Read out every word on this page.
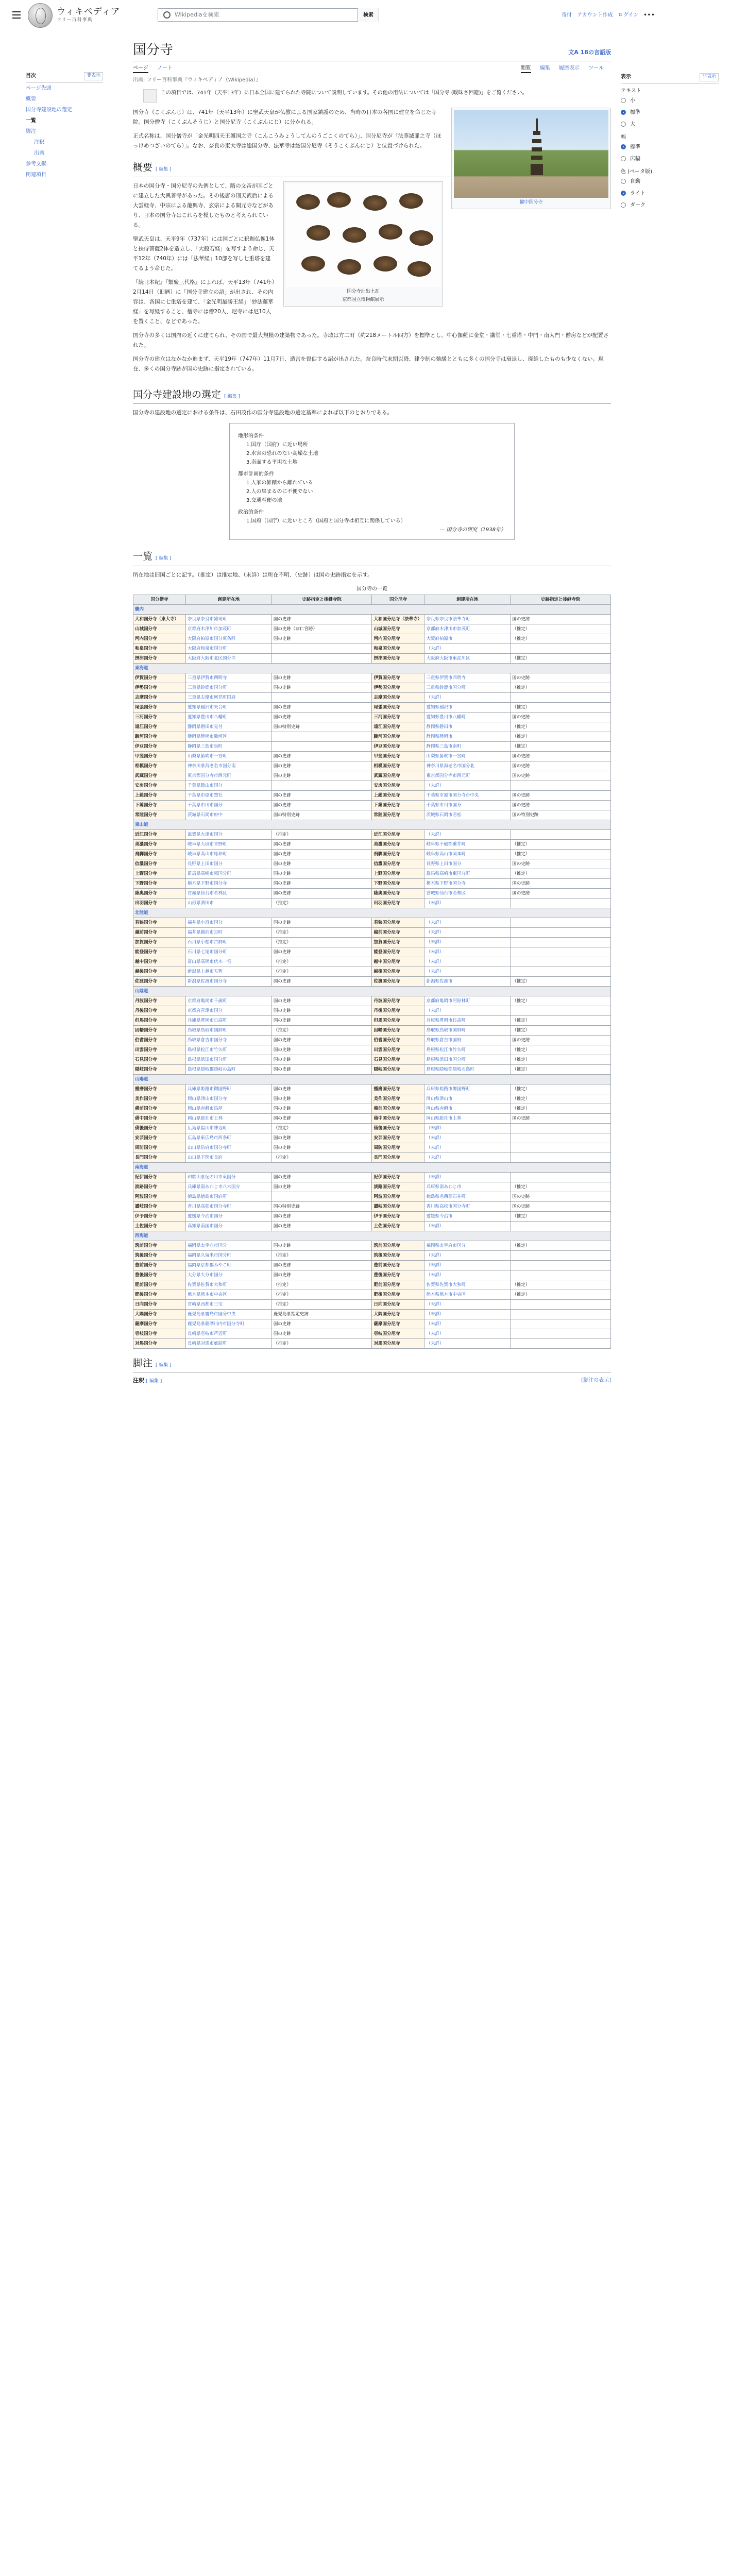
ウィキペディア
フリー百科事典
Wikipediaを検索	検索	寄付 アカウント作成 ログイン •••
目次	非表示
ページ先頭
概要
国分寺建設地の選定
一覧
脚注
注釈
出典
参考文献
関連項目
表示	非表示
テキスト
小
標準
大
幅
標準
広幅
色 (ベータ版)
自動
ライト
ダーク
国分寺	文A 18の言語版
ページ ノート	閲覧 編集 履歴表示 ツール
出典: フリー百科事典『ウィキペディア（Wikipedia）』
この項目では、741年（天平13年）に日本全国に建てられた寺院について説明しています。その他の用法については「国分寺 (曖昧さ回避)」をご覧ください。
備中国分寺

国分寺（こくぶんじ）は、741年（天平13年）に聖武天皇が仏教による国家鎮護のため、当時の日本の各国に建立を命じた寺院。国分僧寺（こくぶんそうじ）と国分尼寺（こくぶんにじ）に分かれる。

正式名称は、国分僧寺が「金光明四天王護国之寺（こんこうみょうしてんのうごこくのてら）」、国分尼寺が「法華滅罪之寺（ほっけめつざいのてら）」。なお、奈良の東大寺は総国分寺、法華寺は総国分尼寺（そうこくぶんにじ）と位置づけられた。

概要 [ 編集 ]
国分寺址出土瓦
京都国立博物館展示

日本の国分寺・国分尼寺の先例として、隋の文帝が国ごとに建立した大興善寺があった。その後唐の則天武后による大雲経寺、中宗による龍興寺、玄宗による開元寺などがあり、日本の国分寺はこれらを模したものと考えられている。

聖武天皇は、天平9年（737年）には国ごとに釈迦仏像1体と挟侍菩薩2体を造立し、「大般若経」を写すよう命じ、天平12年（740年）には「法華経」10部を写し七重塔を建てるよう命じた。

『続日本紀』『類聚三代格』によれば、天平13年（741年）2月14日（旧暦）に「国分寺建立の詔」が出され、その内容は、各国に七重塔を建て、「金光明最勝王経」「妙法蓮華経」を写経すること、僧寺には僧20人、尼寺には尼10人を置くこと、などであった。

国分寺の多くは国府の近くに建てられ、その国で最大規模の建築物であった。寺域は方二町（約218メートル四方）を標準とし、中心伽藍に金堂・講堂・七重塔・中門・南大門・僧房などが配置された。

国分寺の建立はなかなか進まず、天平19年（747年）11月7日、造営を督促する詔が出された。奈良時代末期以降、律令制の弛緩とともに多くの国分寺は衰退し、廃絶したものも少なくない。現在、多くの国分寺跡が国の史跡に指定されている。

国分寺建設地の選定 [ 編集 ]

国分寺の建設地の選定における条件は、石田茂作の国分寺建設地の選定基準によれば以下のとおりである。

地形的条件
1.国庁（国府）に近い場所
2.水害の恐れのない高燥な土地
3.南面する平坦な土地
都市計画的条件
1.人家の雑踏から離れている
2.人の集まるのに不便でない
3.交通至便の地
政治的条件
1.国府（国庁）に近いところ（国府と国分寺は相互に関係している）
— 国分寺の研究（1938年）
一覧 [ 編集 ]

所在地は旧国ごとに記す。（推定）は推定地、（未詳）は所在不明、（史跡）は国の史跡指定を示す。

国分寺の一覧
国分僧寺	創建所在地	史跡指定と後継寺院	国分尼寺	創建所在地	史跡指定と後継寺院
畿内					
大和国分寺（東大寺）	奈良県奈良市雑司町	国の史跡	大和国分尼寺（法華寺）	奈良県奈良市法華寺町	国の史跡
山城国分寺	京都府木津川市加茂町	国の史跡（恭仁宮跡）	山城国分尼寺	京都府木津川市加茂町	（推定）
河内国分寺	大阪府柏原市国分東条町	国の史跡	河内国分尼寺	大阪府柏原市	（推定）
和泉国分寺	大阪府和泉市国分町		和泉国分尼寺	（未詳）	
摂津国分寺	大阪府大阪市北区国分寺		摂津国分尼寺	大阪府大阪市東淀川区	（推定）
東海道					
伊賀国分寺	三重県伊賀市西明寺	国の史跡	伊賀国分尼寺	三重県伊賀市西明寺	国の史跡
伊勢国分寺	三重県鈴鹿市国分町	国の史跡	伊勢国分尼寺	三重県鈴鹿市国分町	（推定）
志摩国分寺	三重県志摩市阿児町国府		志摩国分尼寺	（未詳）	
尾張国分寺	愛知県稲沢市矢合町	国の史跡	尾張国分尼寺	愛知県稲沢市	（推定）
三河国分寺	愛知県豊川市八幡町	国の史跡	三河国分尼寺	愛知県豊川市八幡町	国の史跡
遠江国分寺	静岡県磐田市見付	国の特別史跡	遠江国分尼寺	静岡県磐田市	（推定）
駿河国分寺	静岡県静岡市駿河区		駿河国分尼寺	静岡県静岡市	（推定）
伊豆国分寺	静岡県三島市泉町		伊豆国分尼寺	静岡県三島市南町	（推定）
甲斐国分寺	山梨県笛吹市一宮町	国の史跡	甲斐国分尼寺	山梨県笛吹市一宮町	国の史跡
相模国分寺	神奈川県海老名市国分南	国の史跡	相模国分尼寺	神奈川県海老名市国分北	国の史跡
武蔵国分寺	東京都国分寺市西元町	国の史跡	武蔵国分尼寺	東京都国分寺市西元町	国の史跡
安房国分寺	千葉県館山市国分		安房国分尼寺	（未詳）	
上総国分寺	千葉県市原市惣社	国の史跡	上総国分尼寺	千葉県市原市国分寺台中央	国の史跡
下総国分寺	千葉県市川市国分	国の史跡	下総国分尼寺	千葉県市川市国分	国の史跡
常陸国分寺	茨城県石岡市府中	国の特別史跡	常陸国分尼寺	茨城県石岡市若松	国の特別史跡
東山道					
近江国分寺	滋賀県大津市国分	（推定）	近江国分尼寺	（未詳）	
美濃国分寺	岐阜県大垣市青野町	国の史跡	美濃国分尼寺	岐阜県不破郡垂井町	（推定）
飛騨国分寺	岐阜県高山市総和町	国の史跡	飛騨国分尼寺	岐阜県高山市岡本町	（推定）
信濃国分寺	長野県上田市国分	国の史跡	信濃国分尼寺	長野県上田市国分	国の史跡
上野国分寺	群馬県高崎市東国分町	国の史跡	上野国分尼寺	群馬県高崎市東国分町	（推定）
下野国分寺	栃木県下野市国分寺	国の史跡	下野国分尼寺	栃木県下野市国分寺	国の史跡
陸奥国分寺	宮城県仙台市若林区	国の史跡	陸奥国分尼寺	宮城県仙台市若林区	国の史跡
出羽国分寺	山形県酒田市	（推定）	出羽国分尼寺	（未詳）	
北陸道					
若狭国分寺	福井県小浜市国分	国の史跡	若狭国分尼寺	（未詳）	
越前国分寺	福井県越前市京町	（推定）	越前国分尼寺	（未詳）	
加賀国分寺	石川県小松市古府町	（推定）	加賀国分尼寺	（未詳）	
能登国分寺	石川県七尾市国分町	国の史跡	能登国分尼寺	（未詳）	
越中国分寺	富山県高岡市伏木一宮	（推定）	越中国分尼寺	（未詳）	
越後国分寺	新潟県上越市五智	（推定）	越後国分尼寺	（未詳）	
佐渡国分寺	新潟県佐渡市国分寺	国の史跡	佐渡国分尼寺	新潟県佐渡市	（推定）
山陰道					
丹波国分寺	京都府亀岡市千歳町	国の史跡	丹波国分尼寺	京都府亀岡市河原林町	（推定）
丹後国分寺	京都府宮津市国分	国の史跡	丹後国分尼寺	（未詳）	
但馬国分寺	兵庫県豊岡市日高町	国の史跡	但馬国分尼寺	兵庫県豊岡市日高町	（推定）
因幡国分寺	鳥取県鳥取市国府町	（推定）	因幡国分尼寺	鳥取県鳥取市国府町	（推定）
伯耆国分寺	鳥取県倉吉市国分寺	国の史跡	伯耆国分尼寺	鳥取県倉吉市国府	国の史跡
出雲国分寺	島根県松江市竹矢町	国の史跡	出雲国分尼寺	島根県松江市竹矢町	（推定）
石見国分寺	島根県浜田市国分町	国の史跡	石見国分尼寺	島根県浜田市国分町	（推定）
隠岐国分寺	島根県隠岐郡隠岐の島町	国の史跡	隠岐国分尼寺	島根県隠岐郡隠岐の島町	（推定）
山陽道					
播磨国分寺	兵庫県姫路市御国野町	国の史跡	播磨国分尼寺	兵庫県姫路市御国野町	（推定）
美作国分寺	岡山県津山市国分寺	国の史跡	美作国分尼寺	岡山県津山市	（推定）
備前国分寺	岡山県赤磐市馬屋	国の史跡	備前国分尼寺	岡山県赤磐市	（推定）
備中国分寺	岡山県総社市上林	国の史跡	備中国分尼寺	岡山県総社市上林	国の史跡
備後国分寺	広島県福山市神辺町	（推定）	備後国分尼寺	（未詳）	
安芸国分寺	広島県東広島市西条町	国の史跡	安芸国分尼寺	（未詳）	
周防国分寺	山口県防府市国分寺町	国の史跡	周防国分尼寺	（未詳）	
長門国分寺	山口県下関市長府	（推定）	長門国分尼寺	（未詳）	
南海道					
紀伊国分寺	和歌山県紀の川市東国分	国の史跡	紀伊国分尼寺	（未詳）	
淡路国分寺	兵庫県南あわじ市八木国分	国の史跡	淡路国分尼寺	兵庫県南あわじ市	（推定）
阿波国分寺	徳島県徳島市国府町		阿波国分尼寺	徳島県名西郡石井町	国の史跡
讃岐国分寺	香川県高松市国分寺町	国の特別史跡	讃岐国分尼寺	香川県高松市国分寺町	国の史跡
伊予国分寺	愛媛県今治市国分	国の史跡	伊予国分尼寺	愛媛県今治市	（推定）
土佐国分寺	高知県南国市国分	国の史跡	土佐国分尼寺	（未詳）	
西海道					
筑前国分寺	福岡県太宰府市国分	国の史跡	筑前国分尼寺	福岡県太宰府市国分	（推定）
筑後国分寺	福岡県久留米市国分町	（推定）	筑後国分尼寺	（未詳）	
豊前国分寺	福岡県京都郡みやこ町	国の史跡	豊前国分尼寺	（未詳）	
豊後国分寺	大分県大分市国分	国の史跡	豊後国分尼寺	（未詳）	
肥前国分寺	佐賀県佐賀市大和町	（推定）	肥前国分尼寺	佐賀県佐賀市大和町	（推定）
肥後国分寺	熊本県熊本市中央区	（推定）	肥後国分尼寺	熊本県熊本市中央区	（推定）
日向国分寺	宮崎県西都市三宅	（推定）	日向国分尼寺	（未詳）	
大隅国分寺	鹿児島県霧島市国分中央	鹿児島県指定史跡	大隅国分尼寺	（未詳）	
薩摩国分寺	鹿児島県薩摩川内市国分寺町	国の史跡	薩摩国分尼寺	（未詳）	
壱岐国分寺	長崎県壱岐市芦辺町	国の史跡	壱岐国分尼寺	（未詳）	
対馬国分寺	長崎県対馬市厳原町	（推定）	対馬国分尼寺	（未詳）	
脚注 [ 編集 ]
注釈 [ 編集 ]	[脚注の表示]
